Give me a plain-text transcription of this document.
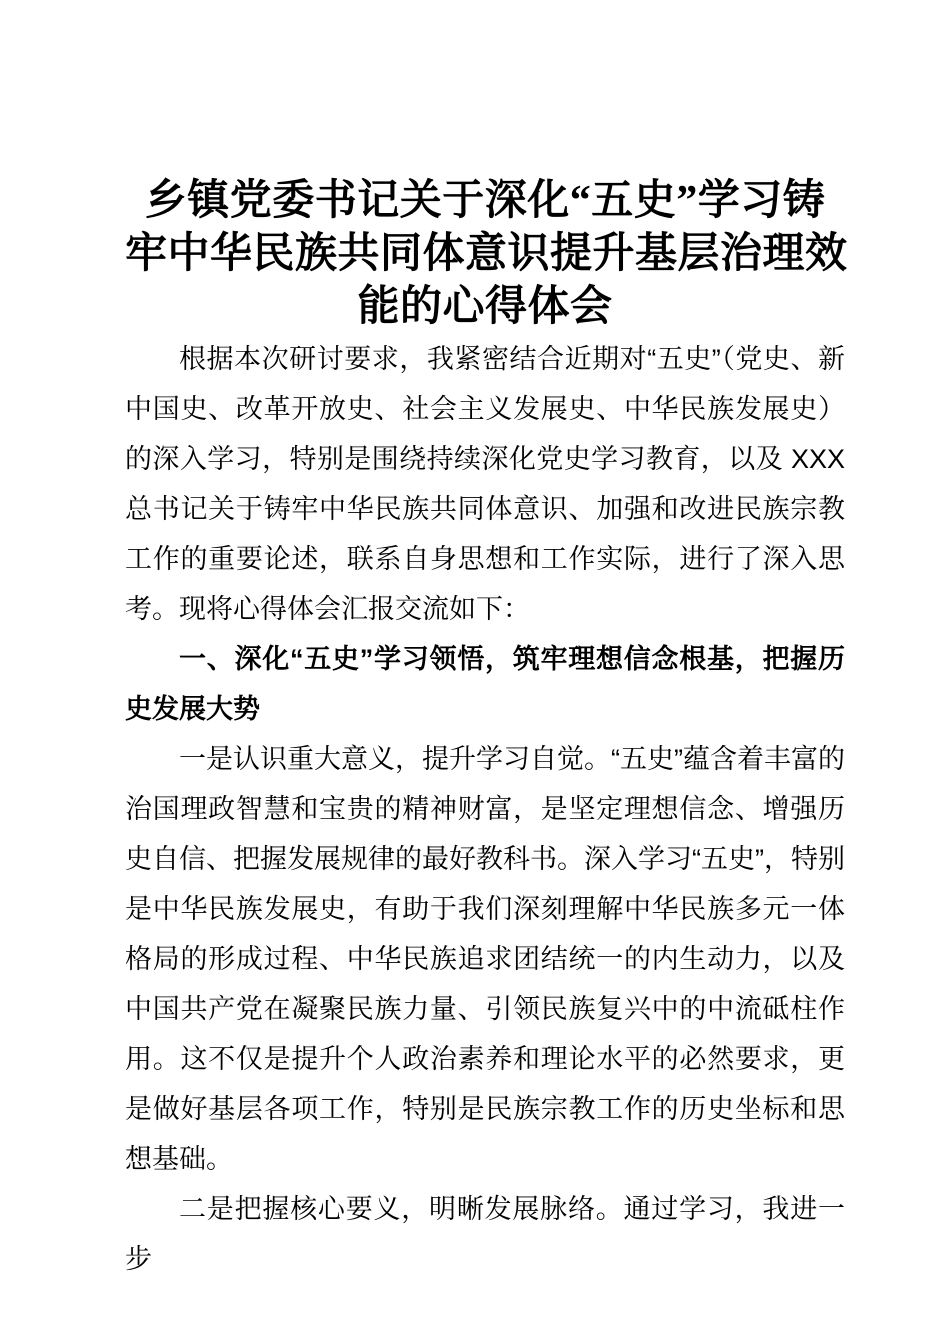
乡镇党委书记关于深化“五史”学习铸
牢中华民族共同体意识提升基层治理效
能的心得体会

根据本次研讨要求，我紧密结合近期对“五史”（党史、新中国史、改革开放史、社会主义发展史、中华民族发展史）的深入学习，特别是围绕持续深化党史学习教育，以及 XXX 总书记关于铸牢中华民族共同体意识、加强和改进民族宗教工作的重要论述，联系自身思想和工作实际，进行了深入思考。现将心得体会汇报交流如下：

一、深化“五史”学习领悟，筑牢理想信念根基，把握历史发展大势

一是认识重大意义，提升学习自觉。“五史”蕴含着丰富的治国理政智慧和宝贵的精神财富，是坚定理想信念、增强历史自信、把握发展规律的最好教科书。深入学习“五史”，特别是中华民族发展史，有助于我们深刻理解中华民族多元一体格局的形成过程、中华民族追求团结统一的内生动力，以及中国共产党在凝聚民族力量、引领民族复兴中的中流砥柱作用。这不仅是提升个人政治素养和理论水平的必然要求，更是做好基层各项工作，特别是民族宗教工作的历史坐标和思想基础。

二是把握核心要义，明晰发展脉络。通过学习，我进一步
